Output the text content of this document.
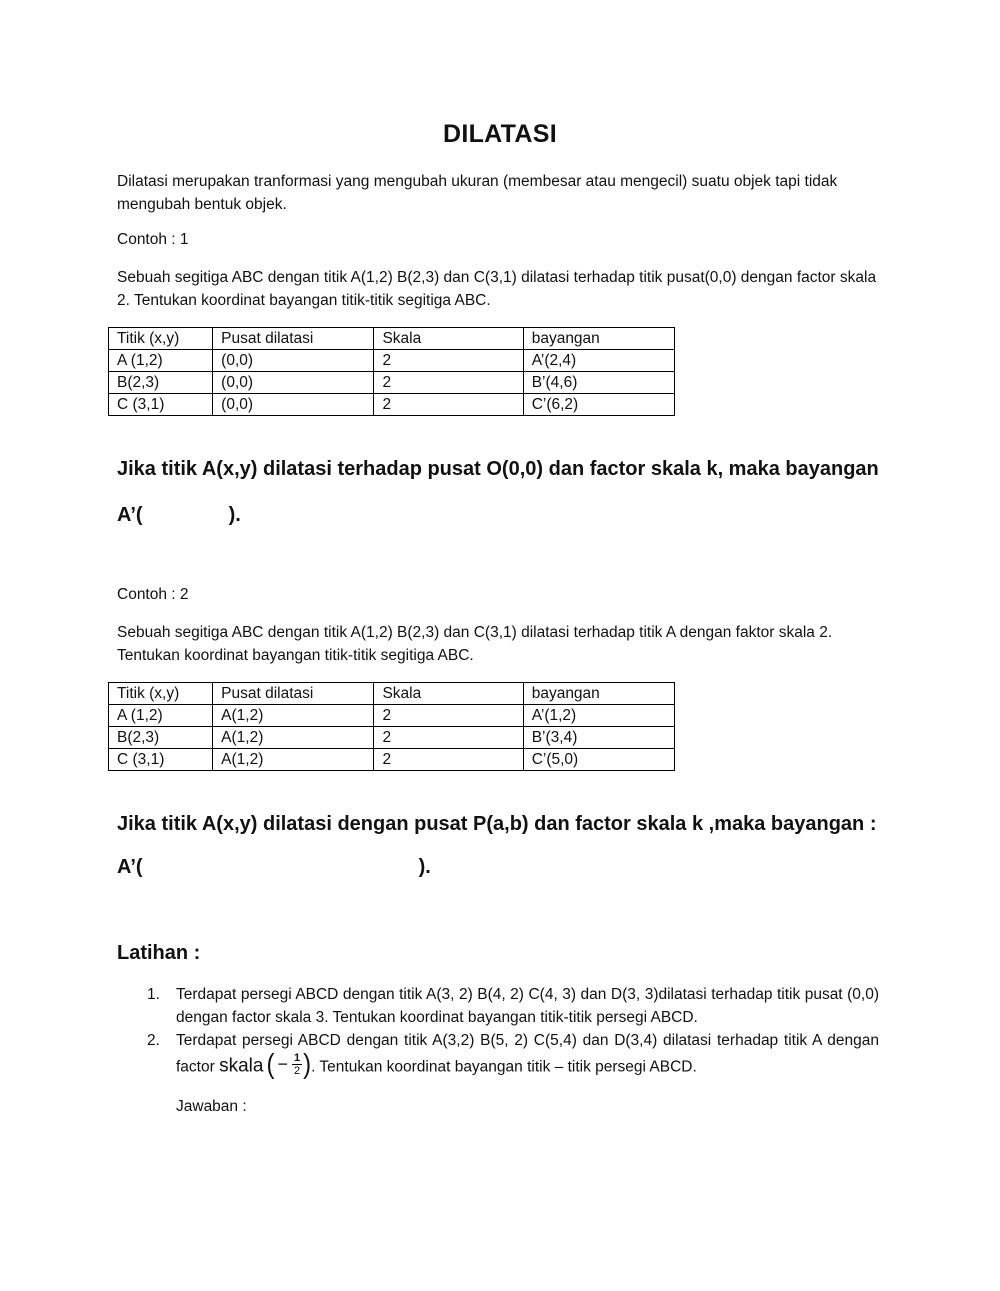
DILATASI
Dilatasi merupakan tranformasi yang mengubah ukuran (membesar atau mengecil) suatu objek tapi tidak mengubah bentuk objek.
Contoh : 1
Sebuah segitiga ABC dengan titik A(1,2) B(2,3) dan C(3,1) dilatasi terhadap titik pusat(0,0) dengan factor skala 2. Tentukan koordinat bayangan titik-titik segitiga ABC.
Titik (x,y)	Pusat dilatasi	Skala	bayangan
A (1,2)	(0,0)	2	A’(2,4)
B(2,3)	(0,0)	2	B’(4,6)
C (3,1)	(0,0)	2	C’(6,2)
Jika titik A(x,y) dilatasi terhadap pusat O(0,0) dan factor skala k, maka bayangan
A’(	).
Contoh : 2
Sebuah segitiga ABC dengan titik A(1,2) B(2,3) dan C(3,1) dilatasi terhadap titik A dengan faktor skala 2. Tentukan koordinat bayangan titik-titik segitiga ABC.
Titik (x,y)	Pusat dilatasi	Skala	bayangan
A (1,2)	A(1,2)	2	A’(1,2)
B(2,3)	A(1,2)	2	B’(3,4)
C (3,1)	A(1,2)	2	C’(5,0)
Jika titik A(x,y) dilatasi dengan pusat P(a,b) dan factor skala k ,maka bayangan :
A’(	).
Latihan :
1. Terdapat persegi ABCD dengan titik A(3, 2) B(4, 2) C(4, 3) dan D(3, 3)dilatasi terhadap titik pusat (0,0) dengan factor skala 3. Tentukan koordinat bayangan titik-titik persegi ABCD.
2. Terdapat persegi ABCD dengan titik A(3,2) B(5, 2) C(5,4) dan D(3,4) dilatasi terhadap titik A dengan factor skala ( − $\frac{1}{2}$ ) . Tentukan koordinat bayangan titik – titik persegi ABCD.
Jawaban :
